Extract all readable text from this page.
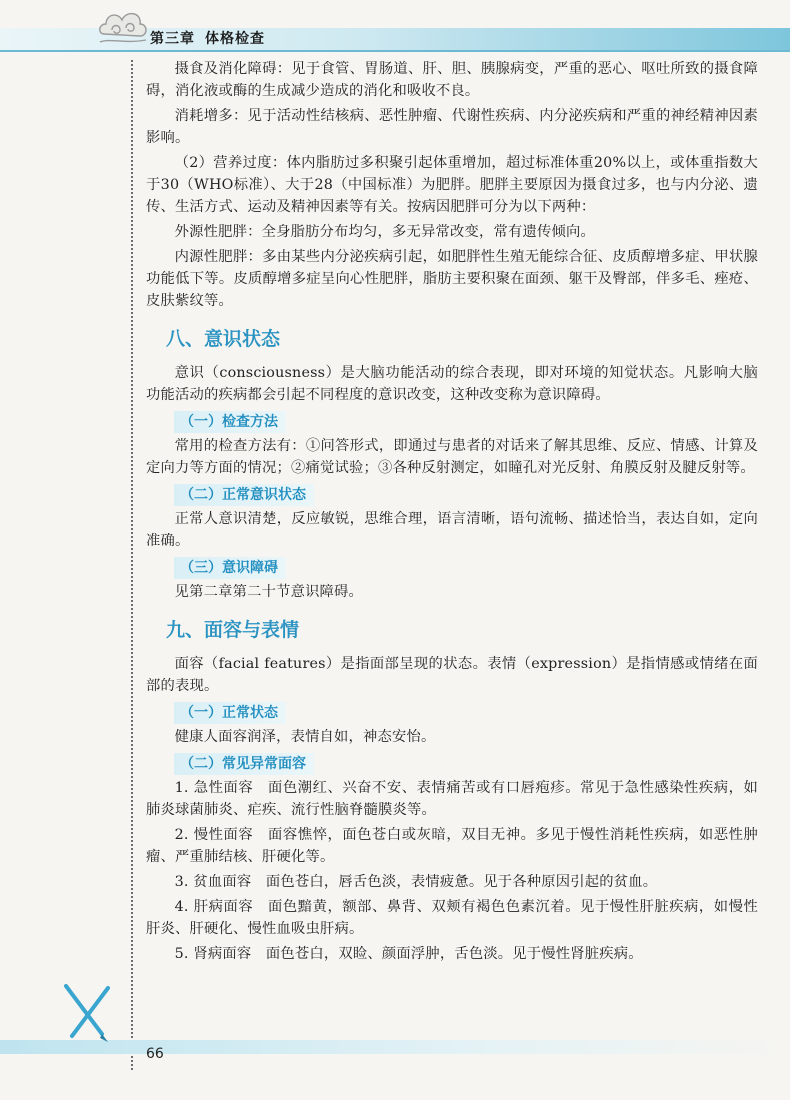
第三章 体格检查

摄食及消化障碍：见于食管、胃肠道、肝、胆、胰腺病变，严重的恶心、呕吐所致的摄食障碍，消化液或酶的生成减少造成的消化和吸收不良。

消耗增多：见于活动性结核病、恶性肿瘤、代谢性疾病、内分泌疾病和严重的神经精神因素影响。

（2）营养过度：体内脂肪过多积聚引起体重增加，超过标准体重20%以上，或体重指数大于30（WHO标准）、大于28（中国标准）为肥胖。肥胖主要原因为摄食过多，也与内分泌、遗传、生活方式、运动及精神因素等有关。按病因肥胖可分为以下两种：

外源性肥胖：全身脂肪分布均匀，多无异常改变，常有遗传倾向。

内源性肥胖：多由某些内分泌疾病引起，如肥胖性生殖无能综合征、皮质醇增多症、甲状腺功能低下等。皮质醇增多症呈向心性肥胖，脂肪主要积聚在面颈、躯干及臀部，伴多毛、痤疮、皮肤紫纹等。

八、意识状态

意识（consciousness）是大脑功能活动的综合表现，即对环境的知觉状态。凡影响大脑功能活动的疾病都会引起不同程度的意识改变，这种改变称为意识障碍。

（一）检查方法

常用的检查方法有：①问答形式，即通过与患者的对话来了解其思维、反应、情感、计算及定向力等方面的情况；②痛觉试验；③各种反射测定，如瞳孔对光反射、角膜反射及腱反射等。

（二）正常意识状态

正常人意识清楚，反应敏锐，思维合理，语言清晰，语句流畅、描述恰当，表达自如，定向准确。

（三）意识障碍

见第二章第二十节意识障碍。

九、面容与表情

面容（facial features）是指面部呈现的状态。表情（expression）是指情感或情绪在面部的表现。

（一）正常状态

健康人面容润泽，表情自如，神态安怡。

（二）常见异常面容

1. 急性面容　面色潮红、兴奋不安、表情痛苦或有口唇疱疹。常见于急性感染性疾病，如肺炎球菌肺炎、疟疾、流行性脑脊髓膜炎等。

2. 慢性面容　面容憔悴，面色苍白或灰暗，双目无神。多见于慢性消耗性疾病，如恶性肿瘤、严重肺结核、肝硬化等。

3. 贫血面容　面色苍白，唇舌色淡，表情疲惫。见于各种原因引起的贫血。

4. 肝病面容　面色黯黄，额部、鼻背、双颊有褐色色素沉着。见于慢性肝脏疾病，如慢性肝炎、肝硬化、慢性血吸虫肝病。

5. 肾病面容　面色苍白，双睑、颜面浮肿，舌色淡。见于慢性肾脏疾病。

66
